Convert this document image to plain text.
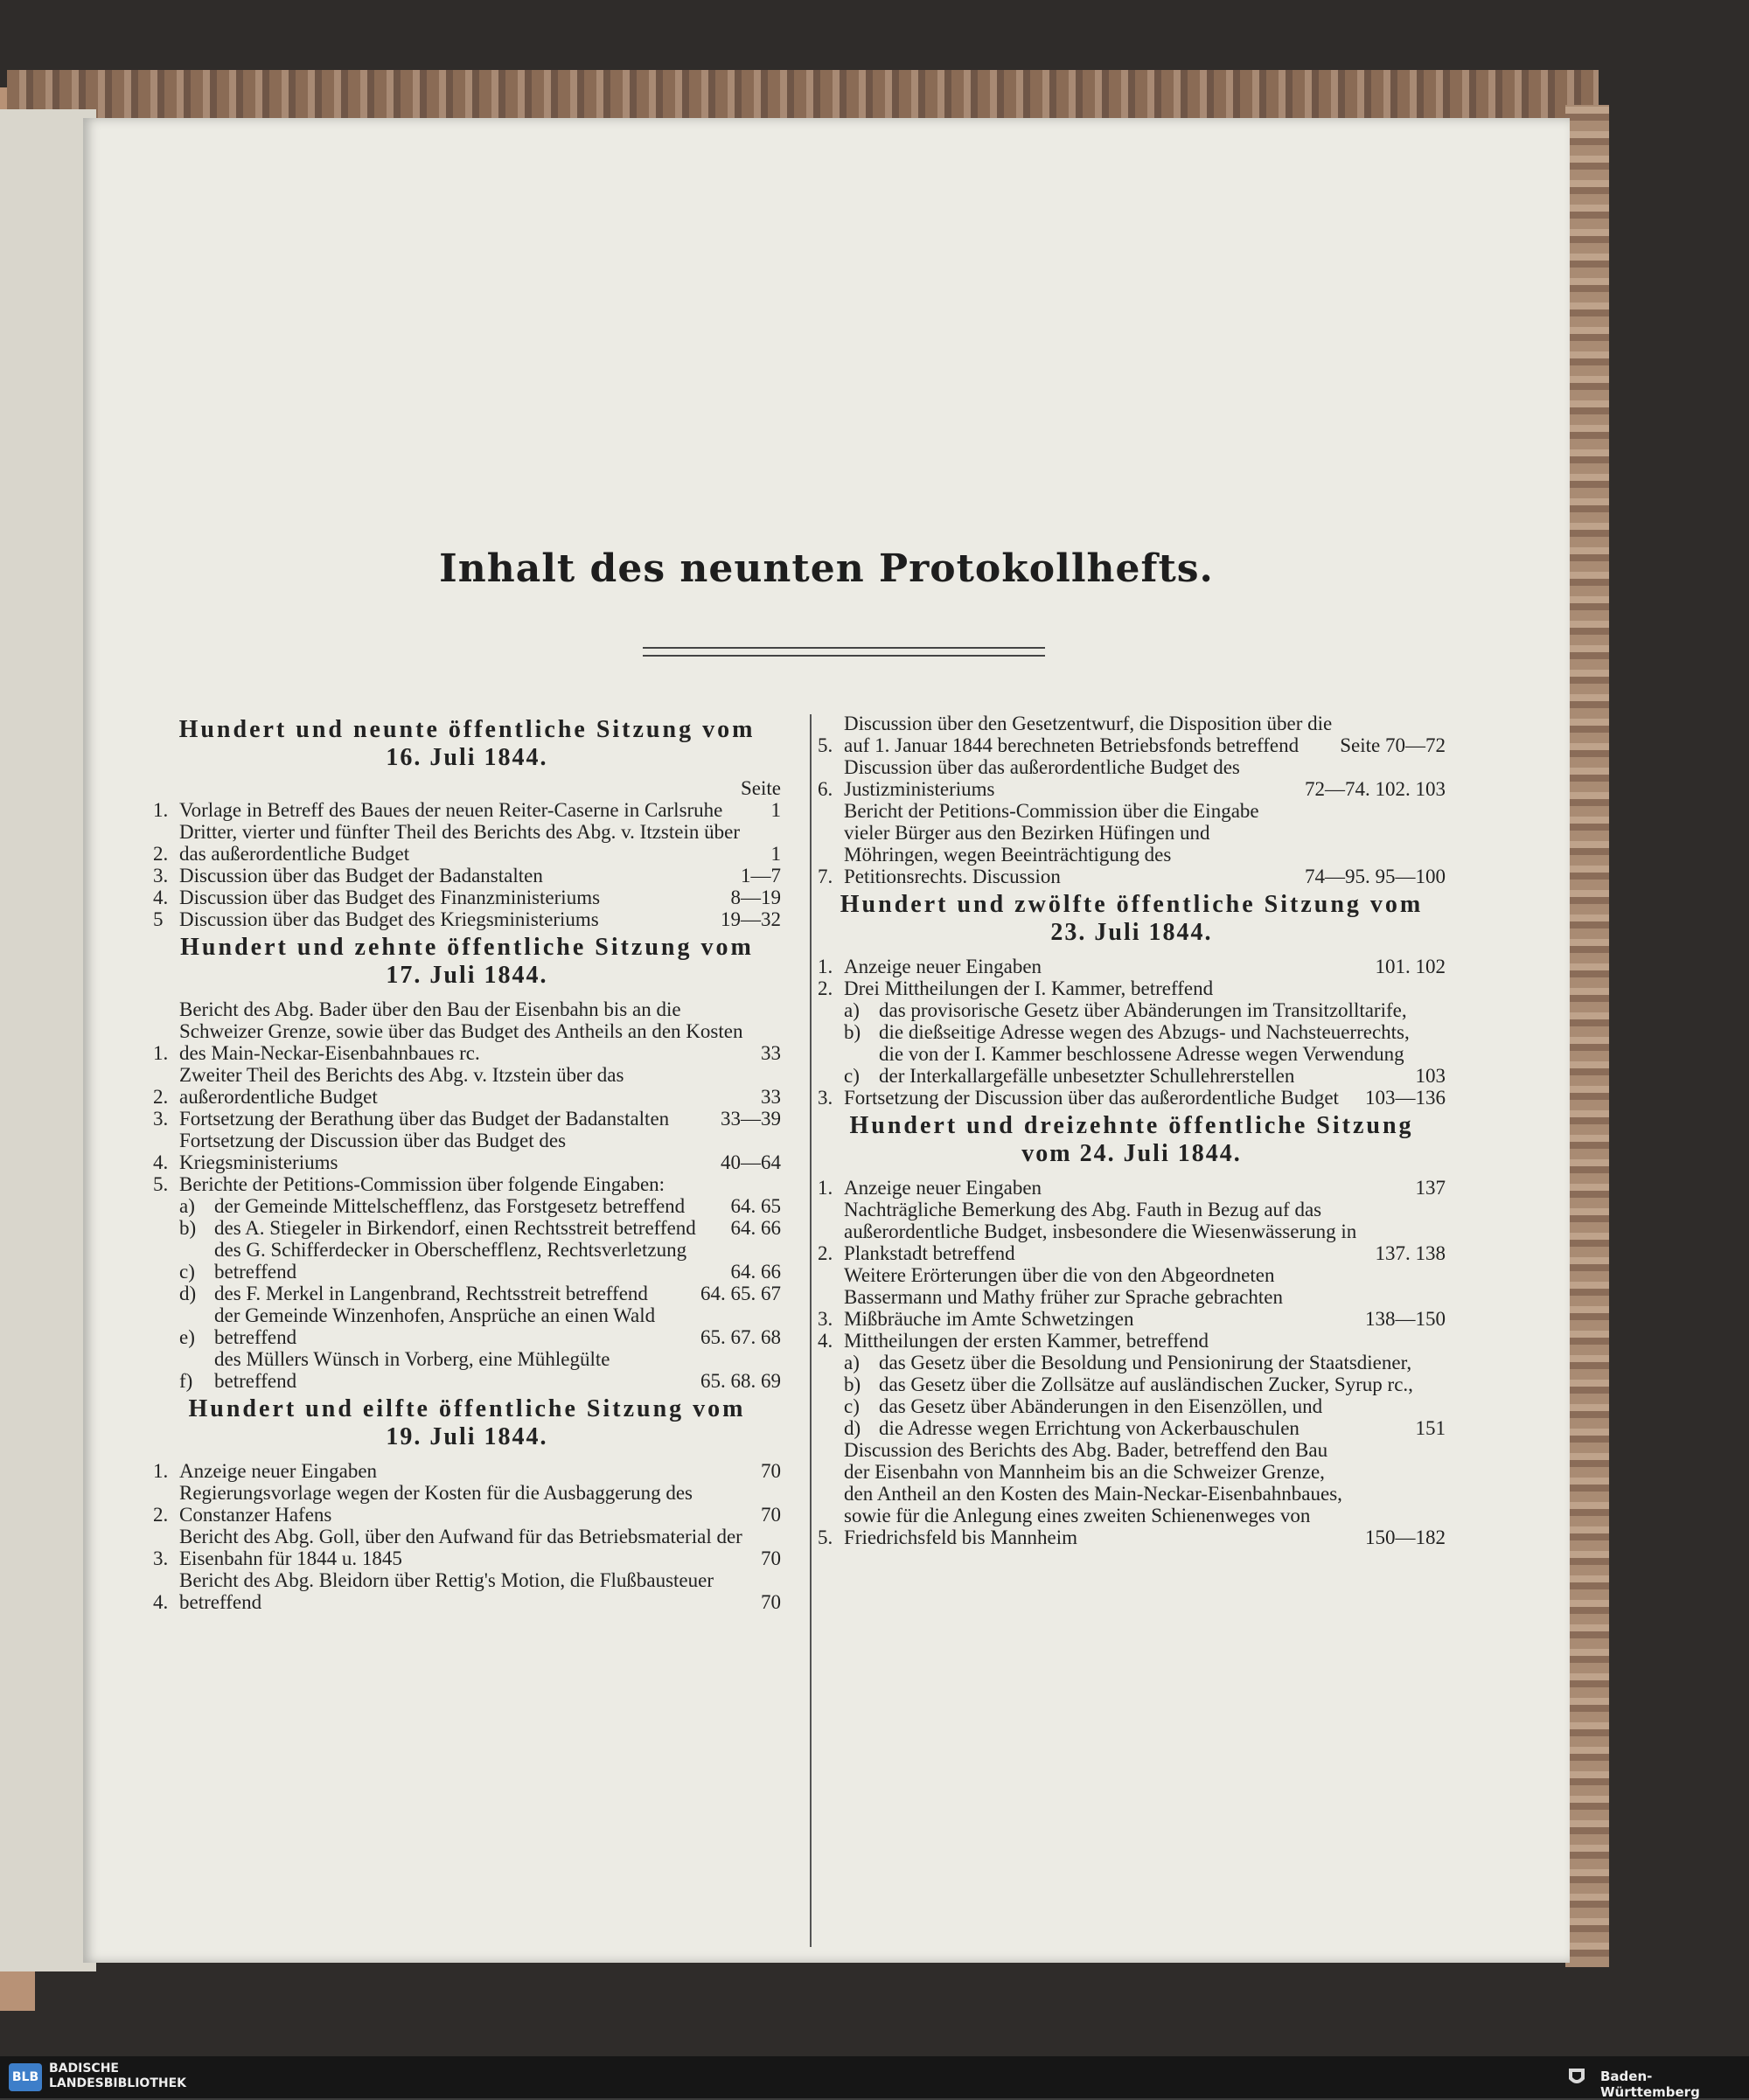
Inhalt des neunten Protokollhefts.
Hundert und neunte öffentliche Sitzung vom
16. Juli 1844.
Seite
1. Vorlage in Betreff des Baues der neuen Reiter-Caserne in Carlsruhe	1
2.
Dritter, vierter und fünfter Theil des Berichts des Abg. v. Itzstein über das außerordentliche Budget	1
3. Discussion über das Budget der Badanstalten	1—7
4. Discussion über das Budget des Finanzministeriums	8—19
5 Discussion über das Budget des Kriegsministeriums	19—32
Hundert und zehnte öffentliche Sitzung vom
17. Juli 1844.
1.
Bericht des Abg. Bader über den Bau der Eisenbahn bis an die Schweizer Grenze, sowie über das Budget des Antheils an den Kosten des Main-Neckar-Eisenbahnbaues rc.	33
2.
Zweiter Theil des Berichts des Abg. v. Itzstein über das außerordentliche Budget	33
3. Fortsetzung der Berathung über das Budget der Badanstalten	33—39
4.
Fortsetzung der Discussion über das Budget des Kriegsministeriums	40—64
5. Berichte der Petitions-Commission über folgende Eingaben:
a) der Gemeinde Mittelschefflenz, das Forstgesetz betreffend	64. 65
b) des A. Stiegeler in Birkendorf, einen Rechtsstreit betreffend	64. 66
c)
des G. Schifferdecker in Oberschefflenz, Rechtsverletzung betreffend	64. 66
d) des F. Merkel in Langenbrand, Rechtsstreit betreffend	64. 65. 67
e)
der Gemeinde Winzenhofen, Ansprüche an einen Wald betreffend	65. 67. 68
f)
des Müllers Wünsch in Vorberg, eine Mühlegülte betreffend	65. 68. 69
Hundert und eilfte öffentliche Sitzung vom
19. Juli 1844.
1. Anzeige neuer Eingaben	70
2.
Regierungsvorlage wegen der Kosten für die Ausbaggerung des Constanzer Hafens	70
3.
Bericht des Abg. Goll, über den Aufwand für das Betriebsmaterial der Eisenbahn für 1844 u. 1845	70
4.
Bericht des Abg. Bleidorn über Rettig's Motion, die Flußbausteuer betreffend	70
5.
Discussion über den Gesetzentwurf, die Disposition über die auf 1. Januar 1844 berechneten Betriebsfonds betreffend	Seite 70—72
6.
Discussion über das außerordentliche Budget des Justizministeriums	72—74. 102. 103
7.
Bericht der Petitions-Commission über die Eingabe vieler Bürger aus den Bezirken Hüfingen und Möhringen, wegen Beeinträchtigung des Petitionsrechts. Discussion	74—95. 95—100
Hundert und zwölfte öffentliche Sitzung vom
23. Juli 1844.
1. Anzeige neuer Eingaben	101. 102
2. Drei Mittheilungen der I. Kammer, betreffend
a) das provisorische Gesetz über Abänderungen im Transitzolltarife,
b) die dießseitige Adresse wegen des Abzugs- und Nachsteuerrechts,
c)
die von der I. Kammer beschlossene Adresse wegen Verwendung der Interkallargefälle unbesetzter Schullehrerstellen	103
3. Fortsetzung der Discussion über das außerordentliche Budget	103—136
Hundert und dreizehnte öffentliche Sitzung
vom 24. Juli 1844.
1. Anzeige neuer Eingaben	137
2.
Nachträgliche Bemerkung des Abg. Fauth in Bezug auf das außerordentliche Budget, insbesondere die Wiesenwässerung in Plankstadt betreffend	137. 138
3.
Weitere Erörterungen über die von den Abgeordneten Bassermann und Mathy früher zur Sprache gebrachten Mißbräuche im Amte Schwetzingen	138—150
4. Mittheilungen der ersten Kammer, betreffend
a) das Gesetz über die Besoldung und Pensionirung der Staatsdiener,
b) das Gesetz über die Zollsätze auf ausländischen Zucker, Syrup rc.,
c) das Gesetz über Abänderungen in den Eisenzöllen, und
d) die Adresse wegen Errichtung von Ackerbauschulen	151
5.
Discussion des Berichts des Abg. Bader, betreffend den Bau der Eisenbahn von Mannheim bis an die Schweizer Grenze, den Antheil an den Kosten des Main-Neckar-Eisenbahnbaues, sowie für die Anlegung eines zweiten Schienenweges von Friedrichsfeld bis Mannheim	150—182
BLB
BADISCHE
LANDESBIBLIOTHEK	Baden-Württemberg
